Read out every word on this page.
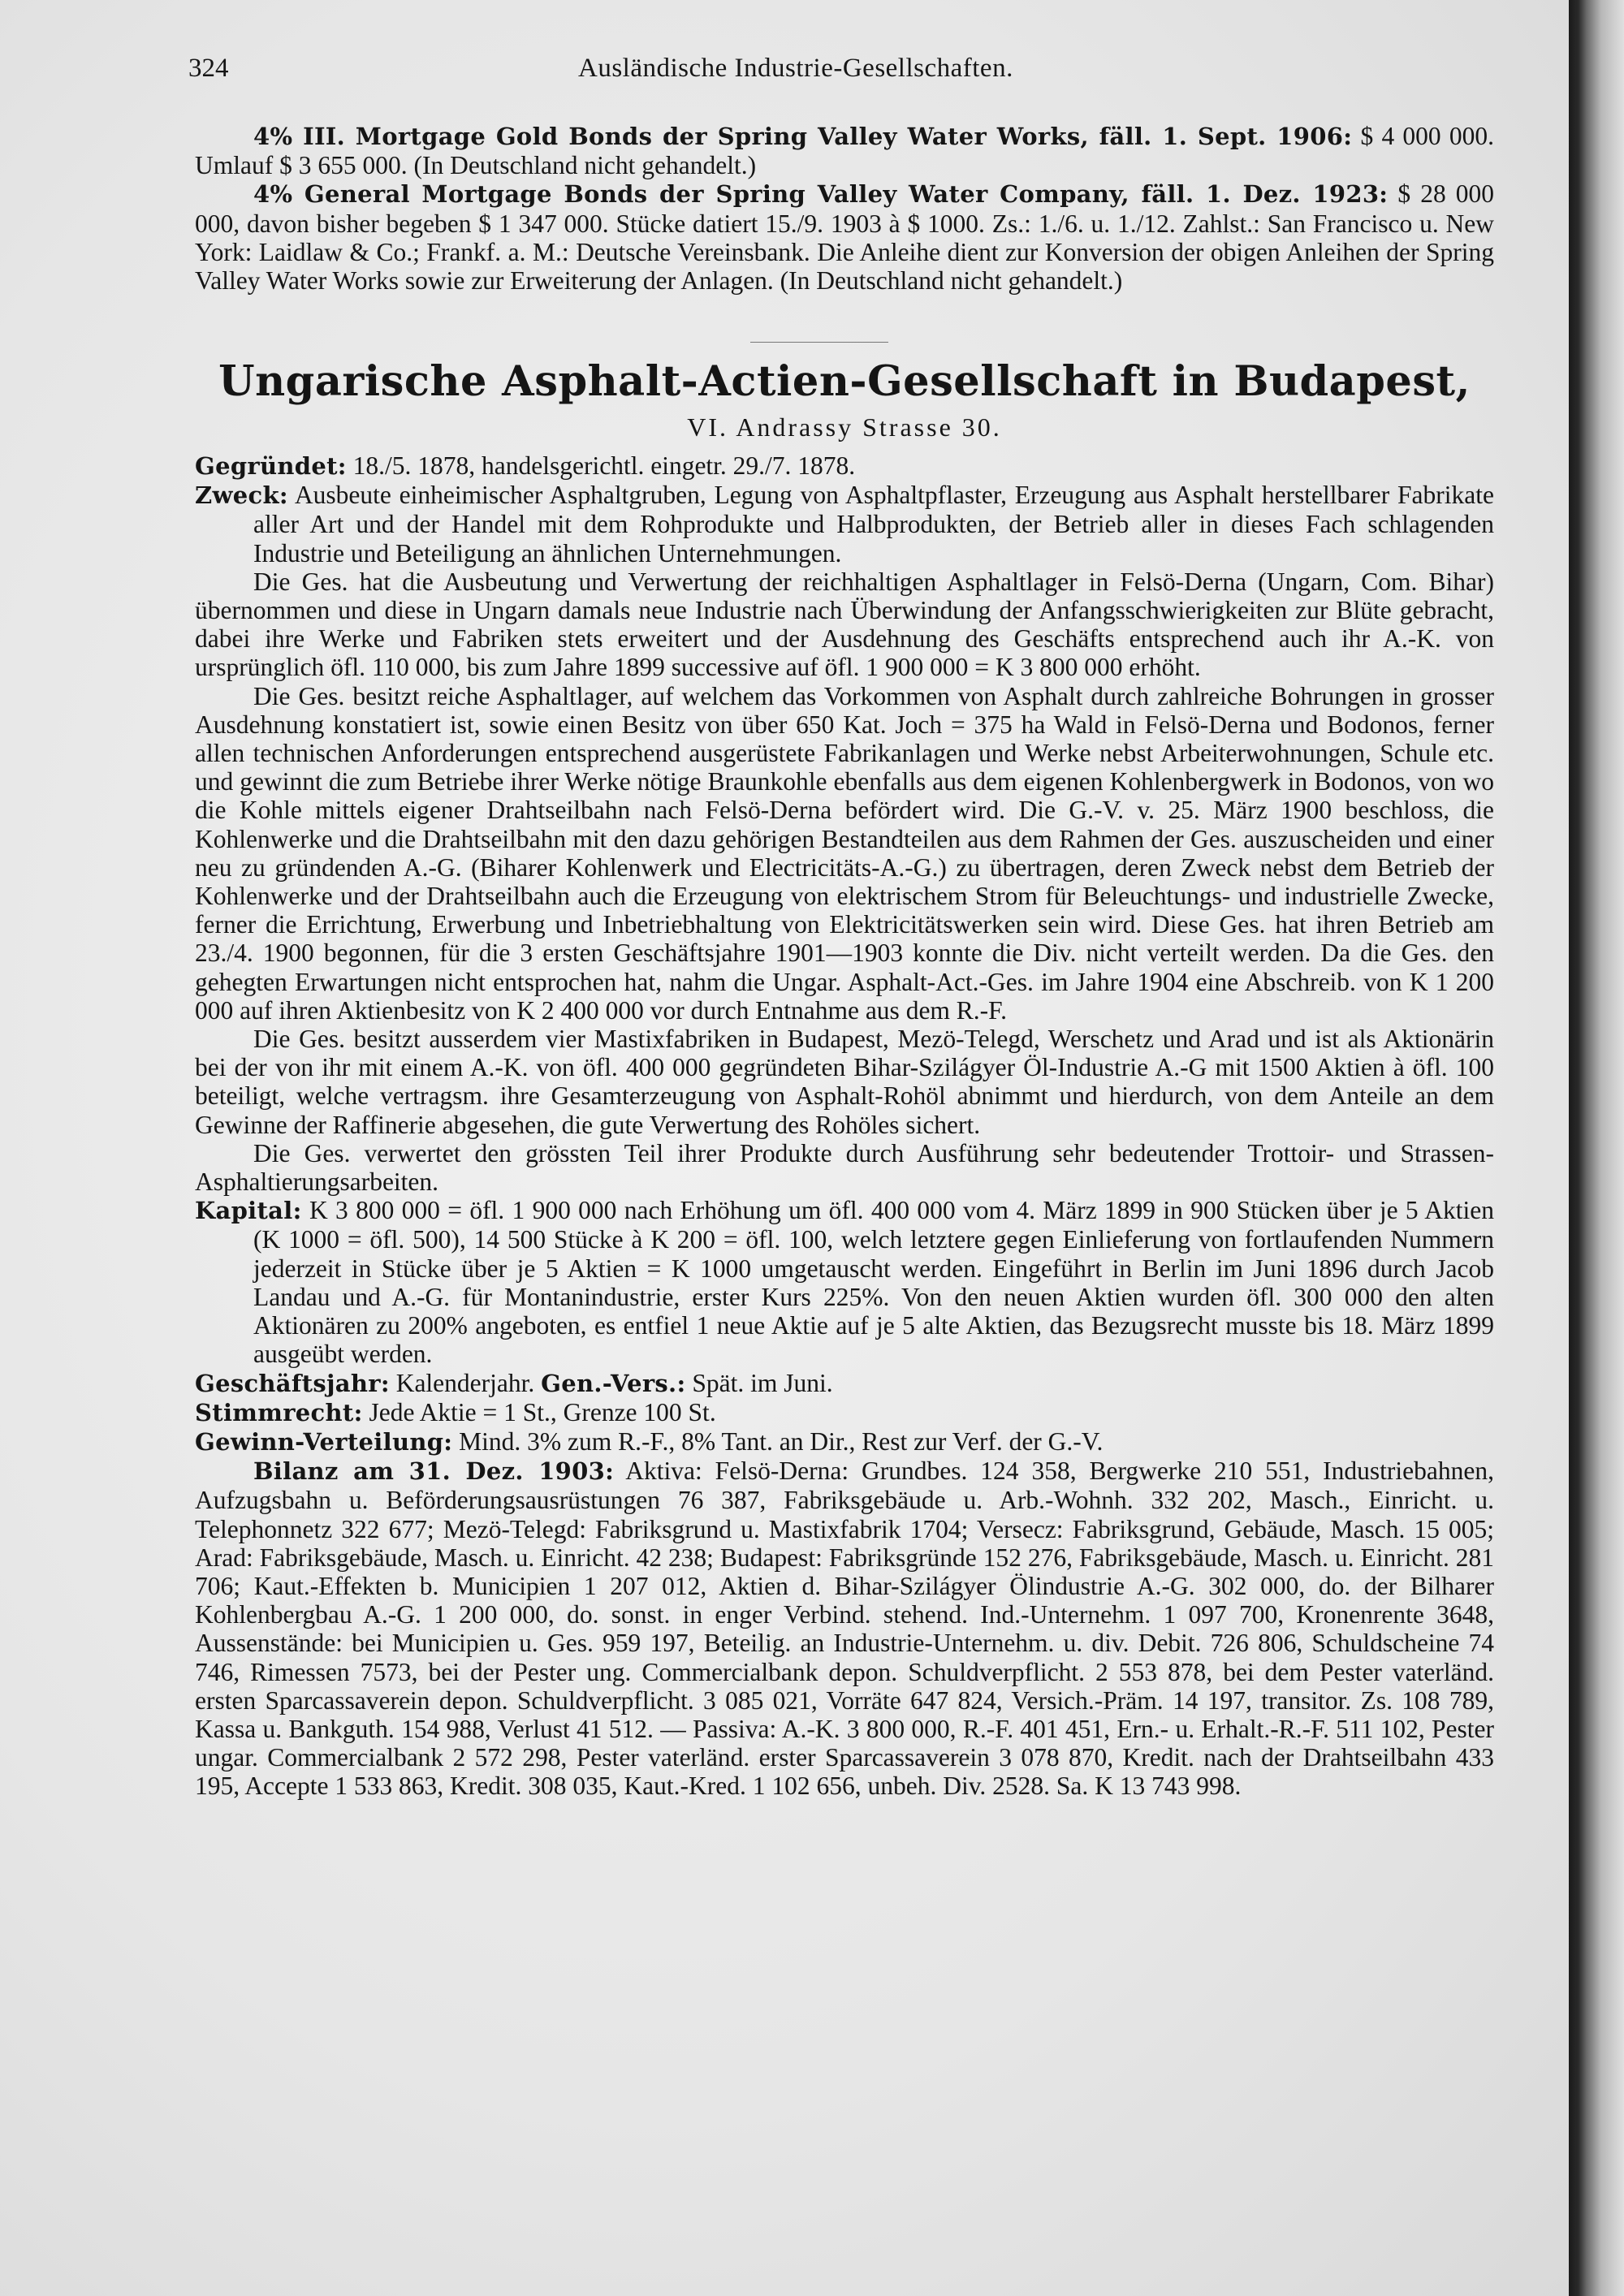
324	Ausländische Industrie-Gesellschaften.
4% III. Mortgage Gold Bonds der Spring Valley Water Works, fäll. 1. Sept. 1906: $ 4 000 000. Umlauf $ 3 655 000. (In Deutschland nicht gehandelt.)
4% General Mortgage Bonds der Spring Valley Water Company, fäll. 1. Dez. 1923: $ 28 000 000, davon bisher begeben $ 1 347 000. Stücke datiert 15./9. 1903 à $ 1000. Zs.: 1./6. u. 1./12. Zahlst.: San Francisco u. New York: Laidlaw & Co.; Frankf. a. M.: Deutsche Vereinsbank. Die Anleihe dient zur Konversion der obigen Anleihen der Spring Valley Water Works sowie zur Erweiterung der Anlagen. (In Deutschland nicht gehandelt.)
Ungarische Asphalt-Actien-Gesellschaft in Budapest,
VI. Andrassy Strasse 30.
Gegründet: 18./5. 1878, handelsgerichtl. eingetr. 29./7. 1878.
Zweck: Ausbeute einheimischer Asphaltgruben, Legung von Asphaltpflaster, Erzeugung aus Asphalt herstellbarer Fabrikate aller Art und der Handel mit dem Rohprodukte und Halbprodukten, der Betrieb aller in dieses Fach schlagenden Industrie und Beteiligung an ähnlichen Unternehmungen.
Die Ges. hat die Ausbeutung und Verwertung der reichhaltigen Asphaltlager in Felsö-Derna (Ungarn, Com. Bihar) übernommen und diese in Ungarn damals neue Industrie nach Überwindung der Anfangsschwierigkeiten zur Blüte gebracht, dabei ihre Werke und Fabriken stets erweitert und der Ausdehnung des Geschäfts entsprechend auch ihr A.-K. von ursprünglich öfl. 110 000, bis zum Jahre 1899 successive auf öfl. 1 900 000 = K 3 800 000 erhöht.
Die Ges. besitzt reiche Asphaltlager, auf welchem das Vorkommen von Asphalt durch zahlreiche Bohrungen in grosser Ausdehnung konstatiert ist, sowie einen Besitz von über 650 Kat. Joch = 375 ha Wald in Felsö-Derna und Bodonos, ferner allen technischen Anforderungen entsprechend ausgerüstete Fabrikanlagen und Werke nebst Arbeiterwohnungen, Schule etc. und gewinnt die zum Betriebe ihrer Werke nötige Braunkohle ebenfalls aus dem eigenen Kohlenbergwerk in Bodonos, von wo die Kohle mittels eigener Drahtseilbahn nach Felsö-Derna befördert wird. Die G.-V. v. 25. März 1900 beschloss, die Kohlenwerke und die Drahtseilbahn mit den dazu gehörigen Bestandteilen aus dem Rahmen der Ges. auszuscheiden und einer neu zu gründenden A.-G. (Biharer Kohlenwerk und Electricitäts-A.-G.) zu übertragen, deren Zweck nebst dem Betrieb der Kohlenwerke und der Drahtseilbahn auch die Erzeugung von elektrischem Strom für Beleuchtungs- und industrielle Zwecke, ferner die Errichtung, Erwerbung und Inbetriebhaltung von Elektricitätswerken sein wird. Diese Ges. hat ihren Betrieb am 23./4. 1900 begonnen, für die 3 ersten Geschäftsjahre 1901—1903 konnte die Div. nicht verteilt werden. Da die Ges. den gehegten Erwartungen nicht entsprochen hat, nahm die Ungar. Asphalt-Act.-Ges. im Jahre 1904 eine Abschreib. von K 1 200 000 auf ihren Aktienbesitz von K 2 400 000 vor durch Entnahme aus dem R.-F.
Die Ges. besitzt ausserdem vier Mastixfabriken in Budapest, Mezö-Telegd, Werschetz und Arad und ist als Aktionärin bei der von ihr mit einem A.-K. von öfl. 400 000 gegründeten Bihar-Szilágyer Öl-Industrie A.-G mit 1500 Aktien à öfl. 100 beteiligt, welche vertragsm. ihre Gesamterzeugung von Asphalt-Rohöl abnimmt und hierdurch, von dem Anteile an dem Gewinne der Raffinerie abgesehen, die gute Verwertung des Rohöles sichert.
Die Ges. verwertet den grössten Teil ihrer Produkte durch Ausführung sehr bedeutender Trottoir- und Strassen-Asphaltierungsarbeiten.
Kapital: K 3 800 000 = öfl. 1 900 000 nach Erhöhung um öfl. 400 000 vom 4. März 1899 in 900 Stücken über je 5 Aktien (K 1000 = öfl. 500), 14 500 Stücke à K 200 = öfl. 100, welch letztere gegen Einlieferung von fortlaufenden Nummern jederzeit in Stücke über je 5 Aktien = K 1000 umgetauscht werden. Eingeführt in Berlin im Juni 1896 durch Jacob Landau und A.-G. für Montanindustrie, erster Kurs 225%. Von den neuen Aktien wurden öfl. 300 000 den alten Aktionären zu 200% angeboten, es entfiel 1 neue Aktie auf je 5 alte Aktien, das Bezugsrecht musste bis 18. März 1899 ausgeübt werden.
Geschäftsjahr: Kalenderjahr. Gen.-Vers.: Spät. im Juni.
Stimmrecht: Jede Aktie = 1 St., Grenze 100 St.
Gewinn-Verteilung: Mind. 3% zum R.-F., 8% Tant. an Dir., Rest zur Verf. der G.-V.
Bilanz am 31. Dez. 1903: Aktiva: Felsö-Derna: Grundbes. 124 358, Bergwerke 210 551, Industriebahnen, Aufzugsbahn u. Beförderungsausrüstungen 76 387, Fabriksgebäude u. Arb.-Wohnh. 332 202, Masch., Einricht. u. Telephonnetz 322 677; Mezö-Telegd: Fabriksgrund u. Mastixfabrik 1704; Versecz: Fabriksgrund, Gebäude, Masch. 15 005; Arad: Fabriksgebäude, Masch. u. Einricht. 42 238; Budapest: Fabriksgründe 152 276, Fabriksgebäude, Masch. u. Einricht. 281 706; Kaut.-Effekten b. Municipien 1 207 012, Aktien d. Bihar-Szilágyer Ölindustrie A.-G. 302 000, do. der Bilharer Kohlenbergbau A.-G. 1 200 000, do. sonst. in enger Verbind. stehend. Ind.-Unternehm. 1 097 700, Kronenrente 3648, Aussenstände: bei Municipien u. Ges. 959 197, Beteilig. an Industrie-Unternehm. u. div. Debit. 726 806, Schuldscheine 74 746, Rimessen 7573, bei der Pester ung. Commercialbank depon. Schuldverpflicht. 2 553 878, bei dem Pester vaterländ. ersten Sparcassaverein depon. Schuldverpflicht. 3 085 021, Vorräte 647 824, Versich.-Präm. 14 197, transitor. Zs. 108 789, Kassa u. Bankguth. 154 988, Verlust 41 512. — Passiva: A.-K. 3 800 000, R.-F. 401 451, Ern.- u. Erhalt.-R.-F. 511 102, Pester ungar. Commercialbank 2 572 298, Pester vaterländ. erster Sparcassaverein 3 078 870, Kredit. nach der Drahtseilbahn 433 195, Accepte 1 533 863, Kredit. 308 035, Kaut.-Kred. 1 102 656, unbeh. Div. 2528. Sa. K 13 743 998.
